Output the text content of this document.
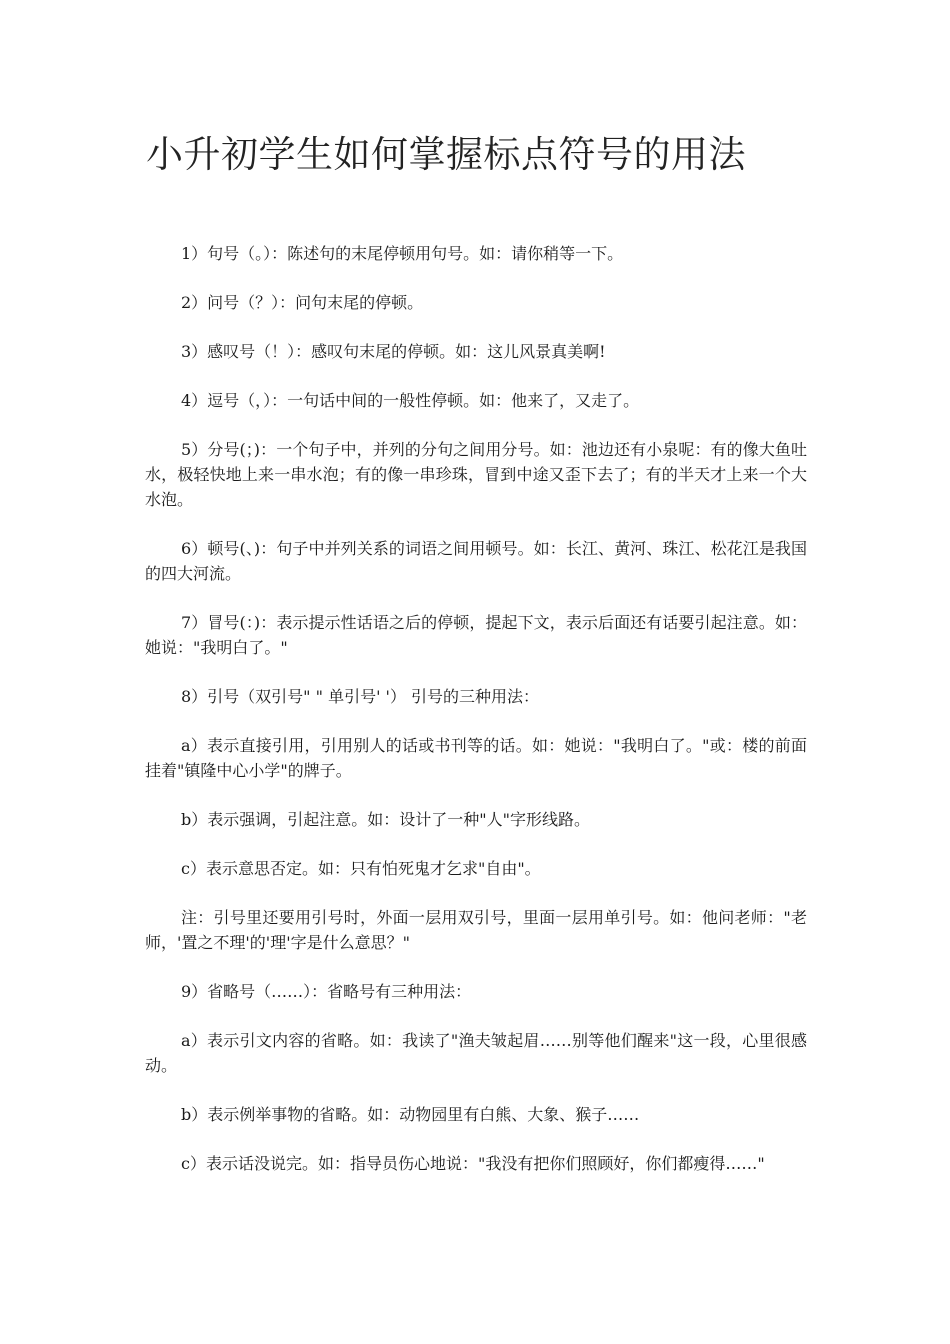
小升初学生如何掌握标点符号的用法

1）句号（。）：陈述句的末尾停顿用句号。如：请你稍等一下。

2）问号（？）：问句末尾的停顿。

3）感叹号（！）：感叹句末尾的停顿。如：这儿风景真美啊!

4）逗号（，）：一句话中间的一般性停顿。如：他来了，又走了。

5）分号(；)：一个句子中，并列的分句之间用分号。如：池边还有小泉呢：有的像大鱼吐水，极轻快地上来一串水泡；有的像一串珍珠，冒到中途又歪下去了；有的半天才上来一个大水泡。

6）顿号(、)：句子中并列关系的词语之间用顿号。如：长江、黄河、珠江、松花江是我国的四大河流。

7）冒号(：)：表示提示性话语之后的停顿，提起下文，表示后面还有话要引起注意。如：她说："我明白了。"

8）引号（双引号" " 单引号' '） 引号的三种用法：

a）表示直接引用，引用别人的话或书刊等的话。如：她说："我明白了。"或：楼的前面挂着"镇隆中心小学"的牌子。

b）表示强调，引起注意。如：设计了一种"人"字形线路。

c）表示意思否定。如：只有怕死鬼才乞求"自由"。

注：引号里还要用引号时，外面一层用双引号，里面一层用单引号。如：他问老师："老师，'置之不理'的'理'字是什么意思？"

9）省略号（……）：省略号有三种用法：

a）表示引文内容的省略。如：我读了"渔夫皱起眉……别等他们醒来"这一段，心里很感动。

b）表示例举事物的省略。如：动物园里有白熊、大象、猴子……

c）表示话没说完。如：指导员伤心地说："我没有把你们照顾好，你们都瘦得……"
